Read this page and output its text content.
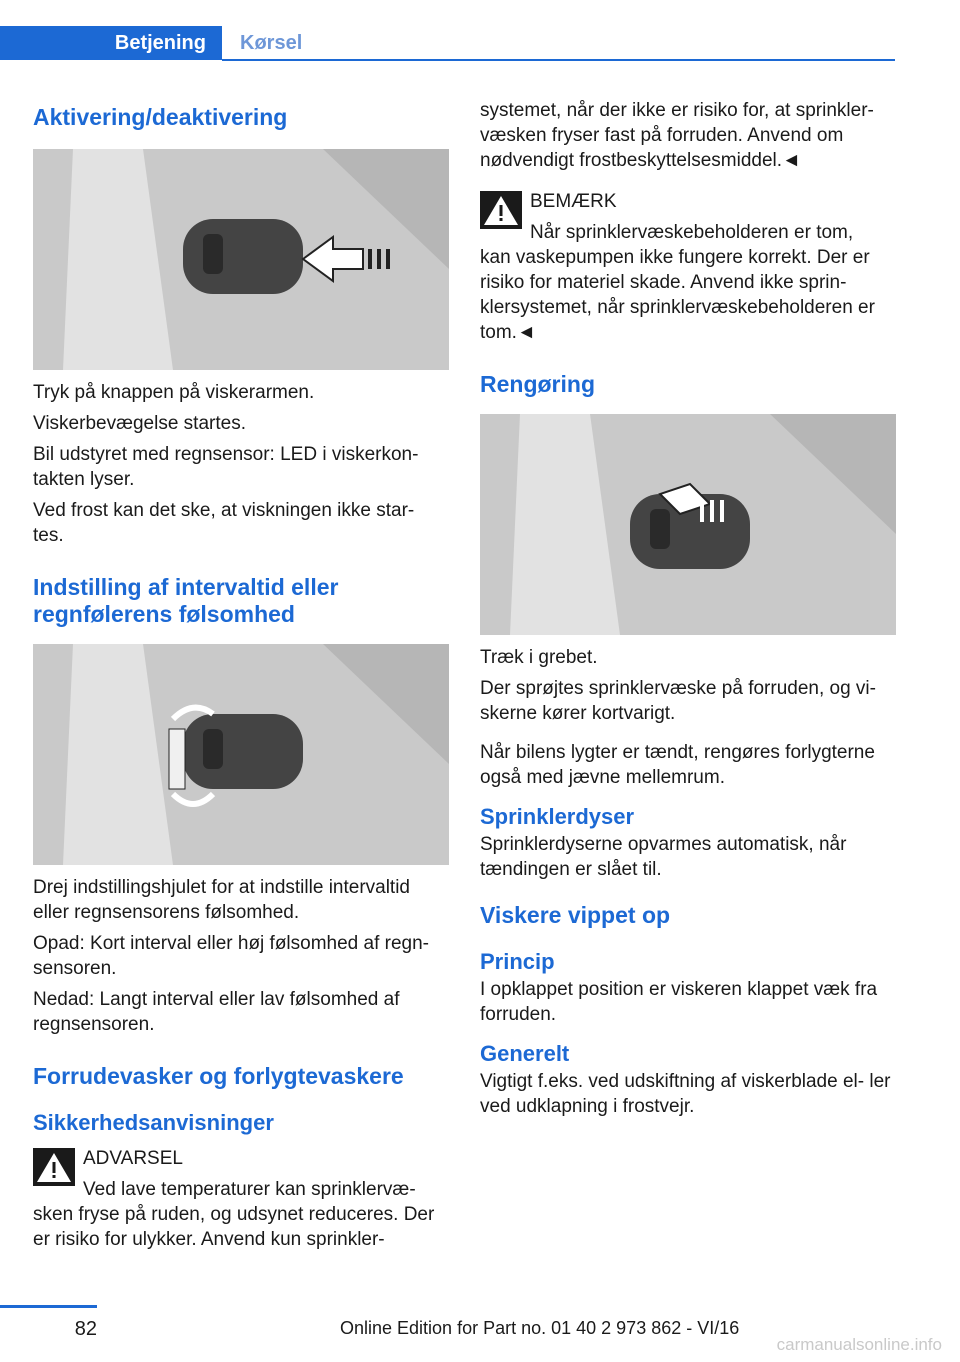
Betjening	Kørsel
Aktivering/deaktivering

Tryk på knappen på viskerarmen.

Viskerbevægelse startes.

Bil udstyret med regnsensor: LED i viskerkon- takten lyser.

Ved frost kan det ske, at viskningen ikke star- tes.

Indstilling af intervaltid eller regnfølerens følsomhed

Drej indstillingshjulet for at indstille intervaltid eller regnsensorens følsomhed.

Opad: Kort interval eller høj følsomhed af regn- sensoren.

Nedad: Langt interval eller lav følsomhed af regnsensoren.

Forrudevasker og forlygtevaskere
Sikkerhedsanvisninger

ADVARSEL

Ved lave temperaturer kan sprinklervæ-

sken fryse på ruden, og udsynet reduceres. Der er risiko for ulykker. Anvend kun sprinkler-

systemet, når der ikke er risiko for, at sprinkler- væsken fryser fast på forruden. Anvend om nødvendigt frostbeskyttelsesmiddel.◄

BEMÆRK

Når sprinklervæskebeholderen er tom,

kan vaskepumpen ikke fungere korrekt. Der er risiko for materiel skade. Anvend ikke sprin- klersystemet, når sprinklervæskebeholderen er tom.◄

Rengøring

Træk i grebet.

Der sprøjtes sprinklervæske på forruden, og vi- skerne kører kortvarigt.

Når bilens lygter er tændt, rengøres forlygterne også med jævne mellemrum.

Sprinklerdyser

Sprinklerdyserne opvarmes automatisk, når tændingen er slået til.

Viskere vippet op
Princip

I opklappet position er viskeren klappet væk fra forruden.

Generelt

Vigtigt f.eks. ved udskiftning af viskerblade el- ler ved udklapning i frostvejr.

82	Online Edition for Part no. 01 40 2 973 862 - VI/16
carmanualsonline.info
